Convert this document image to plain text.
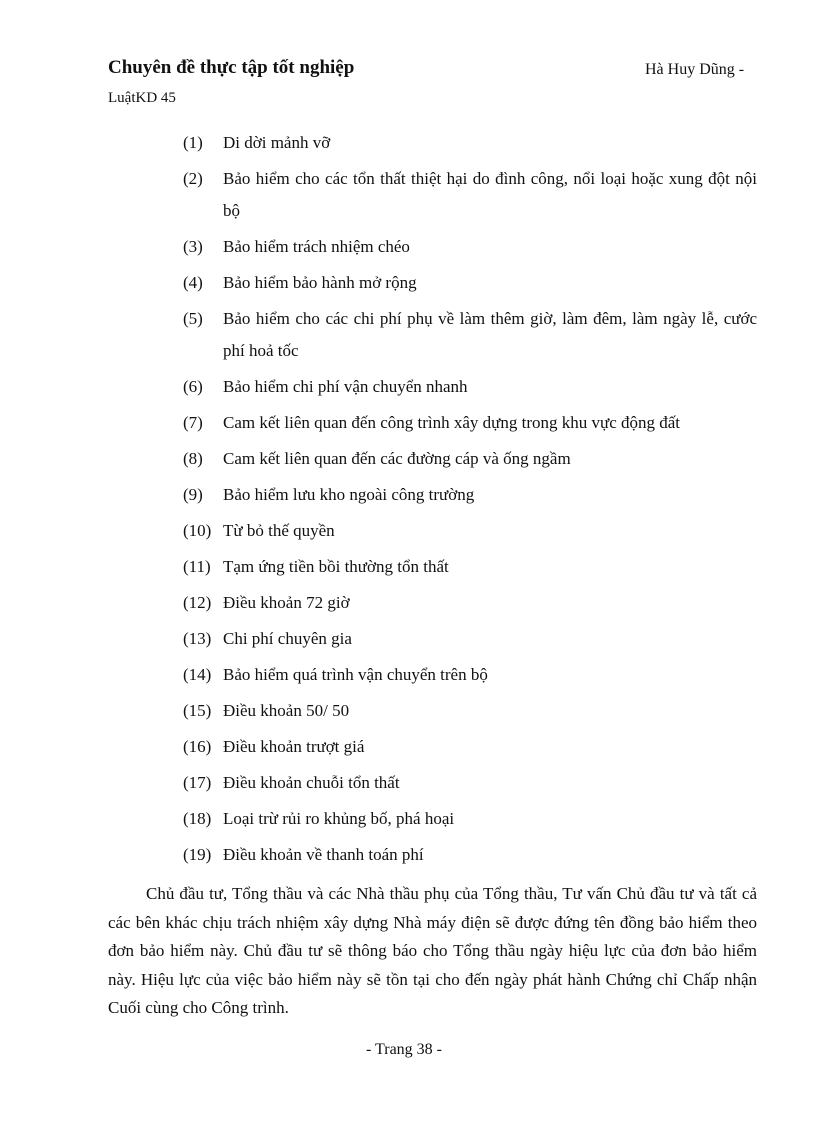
Chuyên đề thực tập tốt nghiệp	Hà Huy Dũng -
LuậtKD 45
(1)	Di dời mảnh vỡ
(2)	Bảo hiểm cho các tổn thất thiệt hại do đình công, nổi loại hoặc xung đột nội bộ
(3)	Bảo hiểm trách nhiệm chéo
(4)	Bảo hiểm bảo hành mở rộng
(5)	Bảo hiểm cho các chi phí phụ về làm thêm giờ, làm đêm, làm ngày lễ, cước phí hoả tốc
(6)	Bảo hiểm chi phí vận chuyển nhanh
(7)	Cam kết liên quan đến công trình xây dựng trong khu vực động đất
(8)	Cam kết liên quan đến các đường cáp và ống ngầm
(9)	Bảo hiểm lưu kho ngoài công trường
(10) Từ bỏ thế quyền
(11) Tạm ứng tiền bồi thường tổn thất
(12) Điều khoản 72 giờ
(13) Chi phí chuyên gia
(14) Bảo hiểm quá trình vận chuyển trên bộ
(15) Điều khoản 50/ 50
(16) Điều khoản trượt giá
(17) Điều khoản chuỗi tổn thất
(18) Loại trừ rủi ro khủng bố, phá hoại
(19) Điều khoản về thanh toán phí

Chủ đầu tư, Tổng thầu và các Nhà thầu phụ của Tổng thầu, Tư vấn Chủ đầu tư và tất cả các bên khác chịu trách nhiệm xây dựng Nhà máy điện sẽ được đứng tên đồng bảo hiểm theo đơn bảo hiểm này. Chủ đầu tư sẽ thông báo cho Tổng thầu ngày hiệu lực của đơn bảo hiểm này. Hiệu lực của việc bảo hiểm này sẽ tồn tại cho đến ngày phát hành Chứng chỉ Chấp nhận Cuối cùng cho Công trình.

- Trang 38 -
